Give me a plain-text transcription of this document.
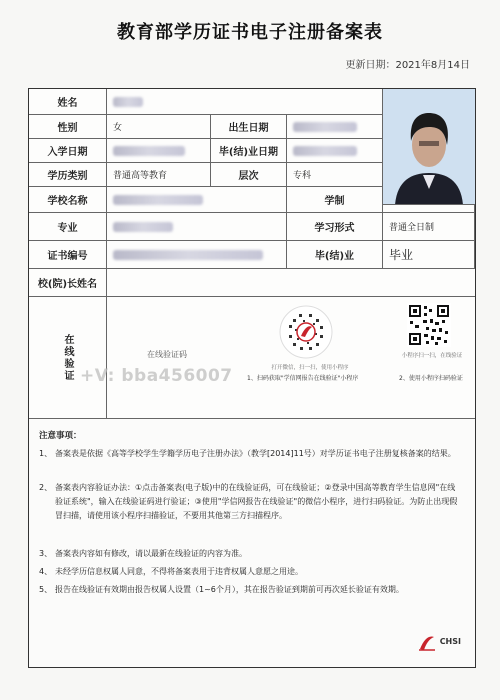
教育部学历证书电子注册备案表
更新日期：2021年8月14日
姓名
性别	女	出生日期
入学日期	毕(结)业日期
学历类别	普通高等教育	层次	专科
学校名称	学制
专业	学习形式	普通全日制
证书编号	毕(结)业	毕业
校(院)长姓名
在线验证	在线验证码
打开微信，扫一扫，使用小程序
1、扫码获取"学信网报告在线验证"小程序
小程序扫一扫，在线验证
2、使用小程序扫码验证
注意事项：
1、 备案表是依据《高等学校学生学籍学历电子注册办法》（教学[2014]11号）对学历证书电子注册复核备案的结果。
2、 备案表内容验证办法：①点击备案表(电子版)中的在线验证码，可在线验证；②登录中国高等教育学生信息网"在线验证系统"，输入在线验证码进行验证；③使用"学信网报告在线验证"的微信小程序，进行扫码验证。为防止出现假冒扫描，请使用该小程序扫描验证，不要用其他第三方扫描程序。
3、 备案表内容如有修改，请以最新在线验证的内容为准。
4、 未经学历信息权属人同意，不得将备案表用于违背权属人意愿之用途。
5、 报告在线验证有效期由报告权属人设置（1~6个月），其在报告验证到期前可再次延长验证有效期。
CHSI
+V: bba456007
